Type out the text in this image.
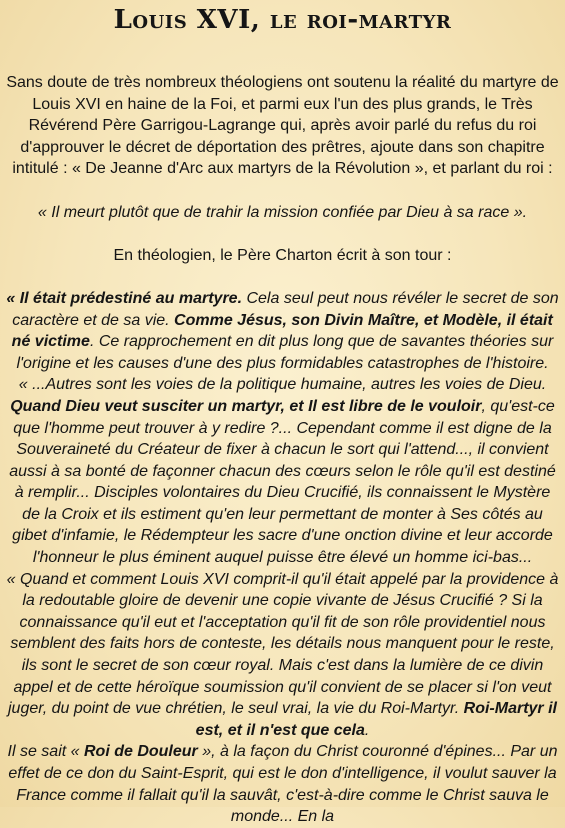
Louis XVI, le roi-martyr

Sans doute de très nombreux théologiens ont soutenu la réalité du martyre de Louis XVI en haine de la Foi, et parmi eux l'un des plus grands, le Très Révérend Père Garrigou-Lagrange qui, après avoir parlé du refus du roi d'approuver le décret de déportation des prêtres, ajoute dans son chapitre intitulé : « De Jeanne d'Arc aux martyrs de la Révolution », et parlant du roi :

« Il meurt plutôt que de trahir la mission confiée par Dieu à sa race ».

En théologien, le Père Charton écrit à son tour :

« Il était prédestiné au martyre. Cela seul peut nous révéler le secret de son caractère et de sa vie. Comme Jésus, son Divin Maître, et Modèle, il était né victime. Ce rapprochement en dit plus long que de savantes théories sur l'origine et les causes d'une des plus formidables catastrophes de l'histoire.

« ...Autres sont les voies de la politique humaine, autres les voies de Dieu. Quand Dieu veut susciter un martyr, et Il est libre de le vouloir, qu'est-ce que l'homme peut trouver à y redire ?... Cependant comme il est digne de la Souveraineté du Créateur de fixer à chacun le sort qui l'attend..., il convient aussi à sa bonté de façonner chacun des cœurs selon le rôle qu'il est destiné à remplir... Disciples volontaires du Dieu Crucifié, ils connaissent le Mystère de la Croix et ils estiment qu'en leur permettant de monter à Ses côtés au gibet d'infamie, le Rédempteur les sacre d'une onction divine et leur accorde l'honneur le plus éminent auquel puisse être élevé un homme ici-bas...

« Quand et comment Louis XVI comprit-il qu'il était appelé par la providence à la redoutable gloire de devenir une copie vivante de Jésus Crucifié ? Si la connaissance qu'il eut et l'acceptation qu'il fit de son rôle providentiel nous semblent des faits hors de conteste, les détails nous manquent pour le reste, ils sont le secret de son cœur royal. Mais c'est dans la lumière de ce divin appel et de cette héroïque soumission qu'il convient de se placer si l'on veut juger, du point de vue chrétien, le seul vrai, la vie du Roi-Martyr. Roi-Martyr il est, et il n'est que cela.

Il se sait « Roi de Douleur », à la façon du Christ couronné d'épines... Par un effet de ce don du Saint-Esprit, qui est le don d'intelligence, il voulut sauver la France comme il fallait qu'il la sauvât, c'est-à-dire comme le Christ sauva le monde... En la
